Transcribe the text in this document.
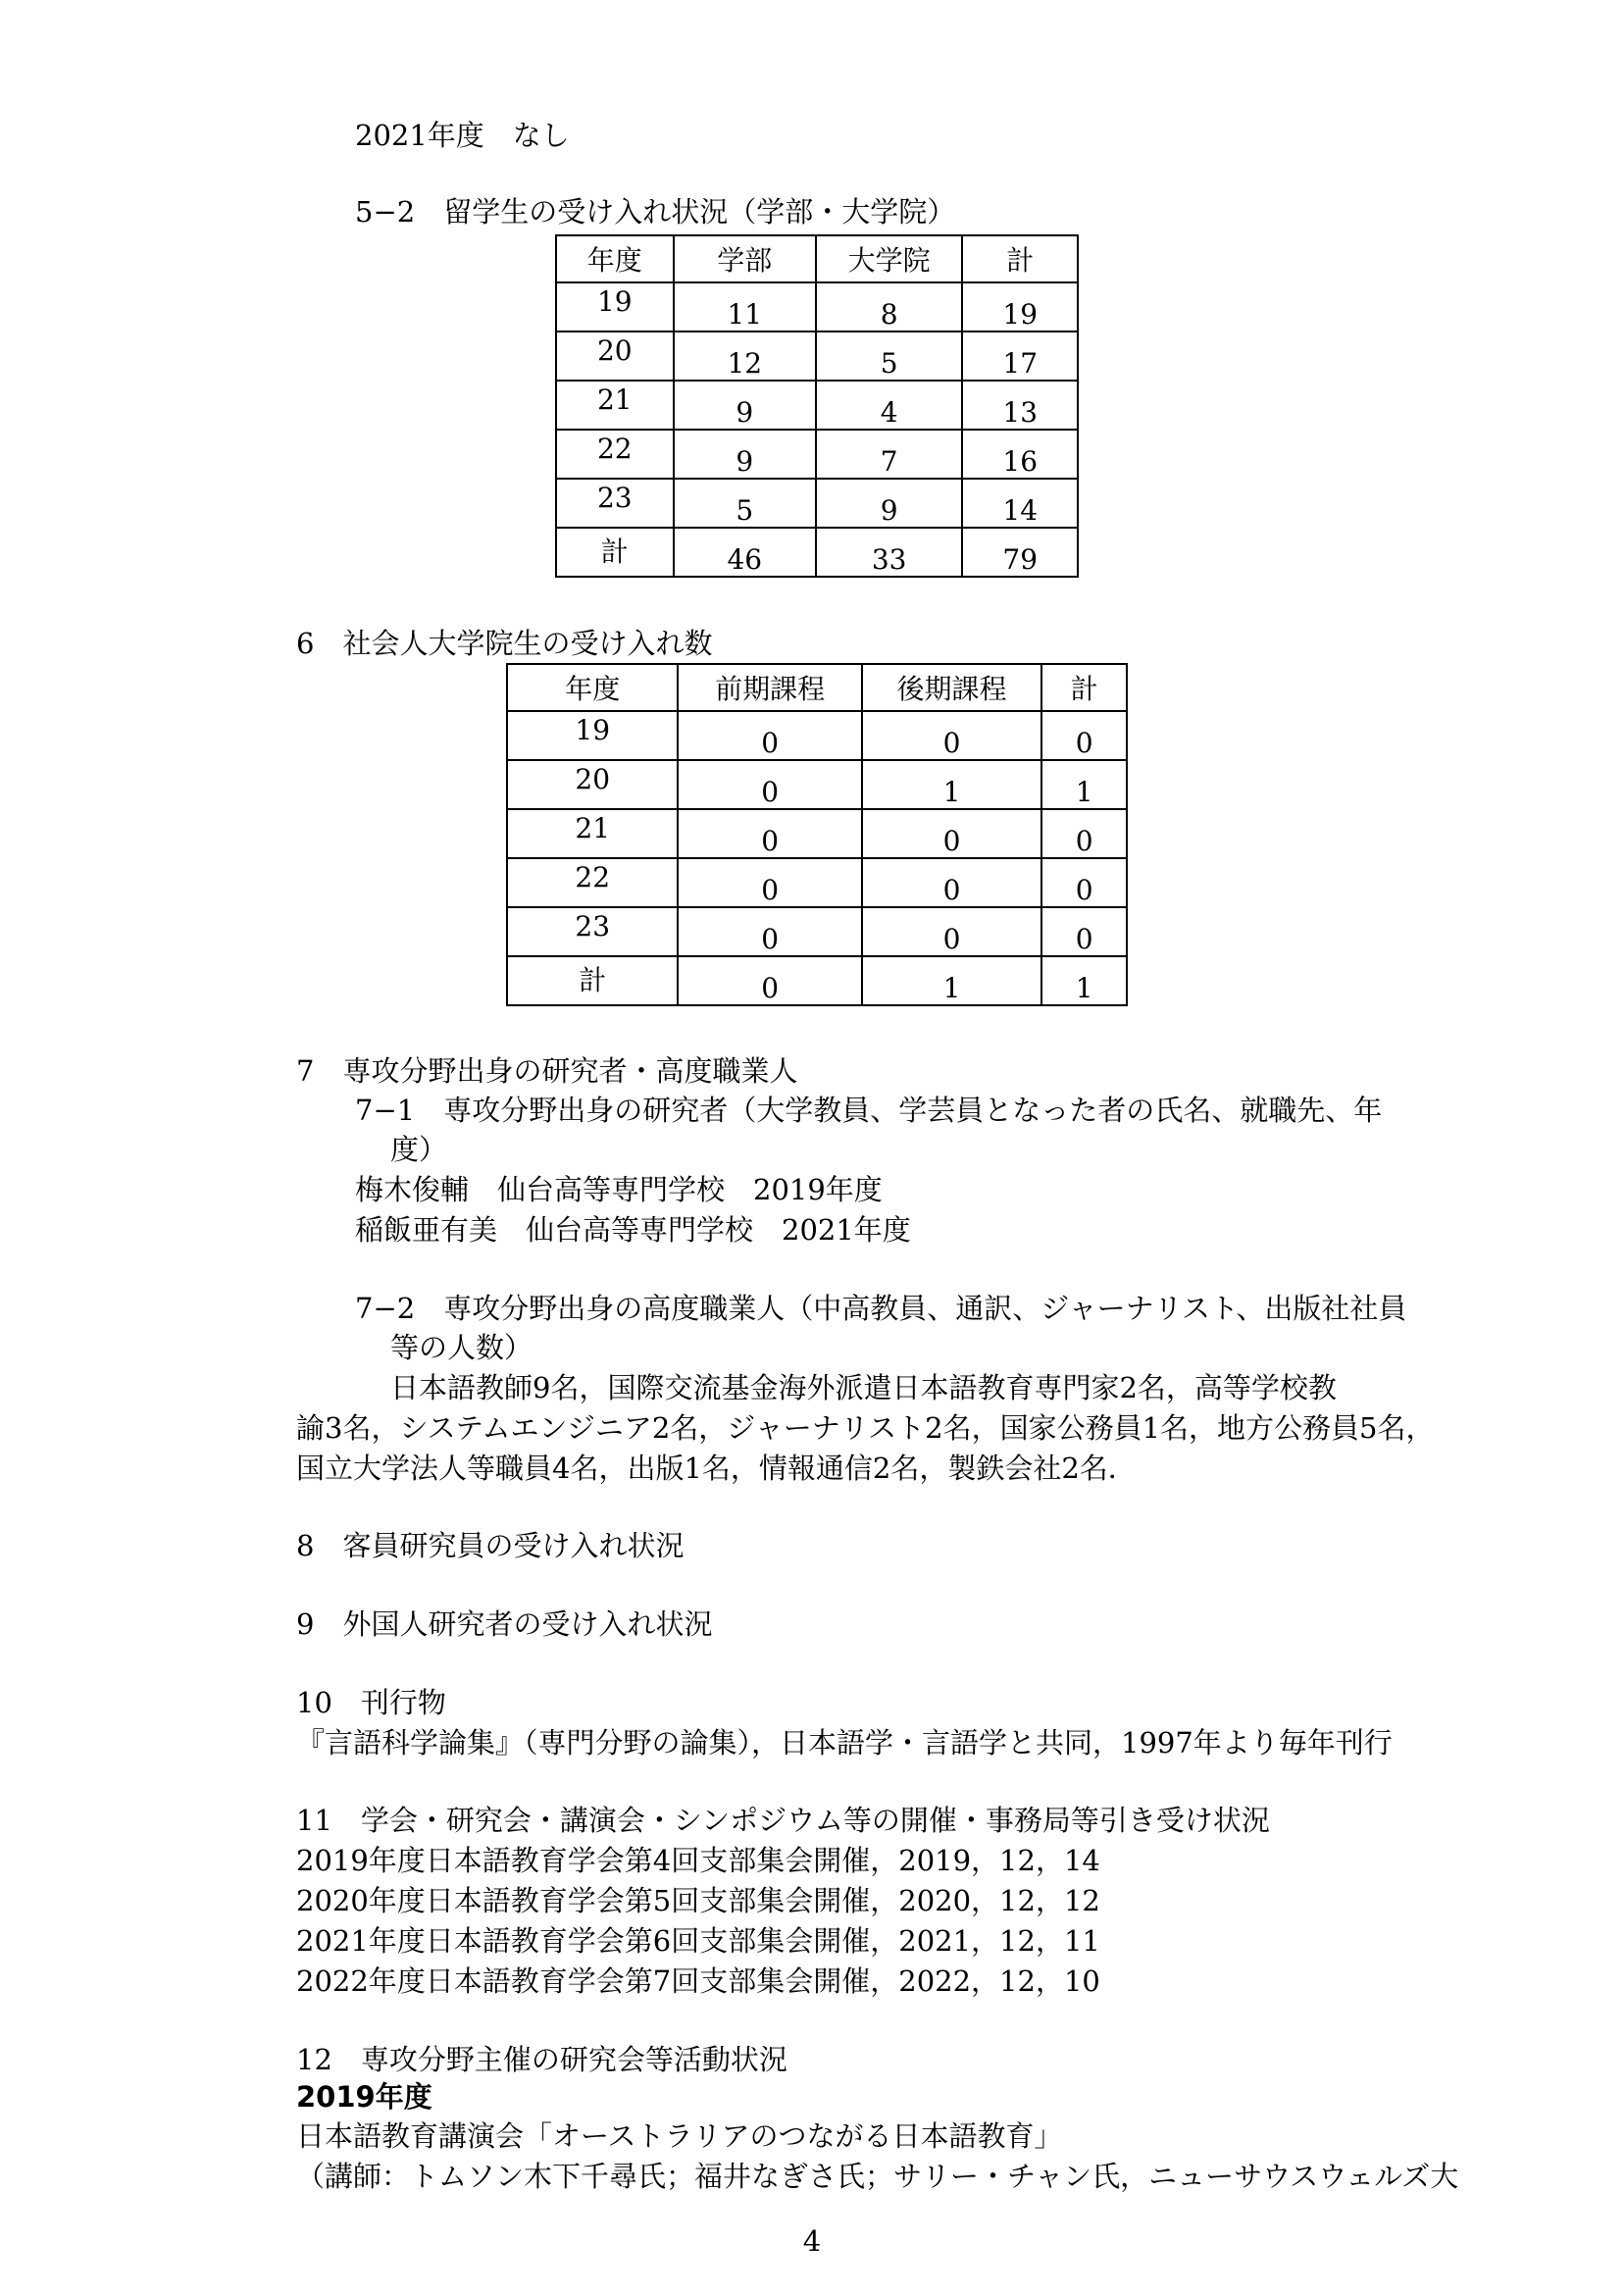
2021年度　なし
5−2　留学生の受け入れ状況（学部・大学院）
年度	学部	大学院	計
19	11	8	19
20	12	5	17
21	9	4	13
22	9	7	16
23	5	9	14
計	46	33	79
6　社会人大学院生の受け入れ数
年度	前期課程	後期課程	計
19	0	0	0
20	0	1	1
21	0	0	0
22	0	0	0
23	0	0	0
計	0	1	1
7　専攻分野出身の研究者・高度職業人
7−1　専攻分野出身の研究者（大学教員、学芸員となった者の氏名、就職先、年
度）
梅木俊輔　仙台高等専門学校　2019年度
稲飯亜有美　仙台高等専門学校　2021年度
7−2　専攻分野出身の高度職業人（中高教員、通訳、ジャーナリスト、出版社社員
等の人数）
日本語教師9名，国際交流基金海外派遣日本語教育専門家2名，高等学校教
諭3名，システムエンジニア2名，ジャーナリスト2名，国家公務員1名，地方公務員5名，
国立大学法人等職員4名，出版1名，情報通信2名，製鉄会社2名．
8　客員研究員の受け入れ状況
9　外国人研究者の受け入れ状況
10　刊行物
『言語科学論集』（専門分野の論集），日本語学・言語学と共同，1997年より毎年刊行
11　学会・研究会・講演会・シンポジウム等の開催・事務局等引き受け状況
2019年度日本語教育学会第4回支部集会開催，2019，12，14
2020年度日本語教育学会第5回支部集会開催，2020，12，12
2021年度日本語教育学会第6回支部集会開催，2021，12，11
2022年度日本語教育学会第7回支部集会開催，2022，12，10
12　専攻分野主催の研究会等活動状況
2019年度
日本語教育講演会「オーストラリアのつながる日本語教育」
（講師：トムソン木下千尋氏；福井なぎさ氏；サリー・チャン氏，ニューサウスウェルズ大
4
